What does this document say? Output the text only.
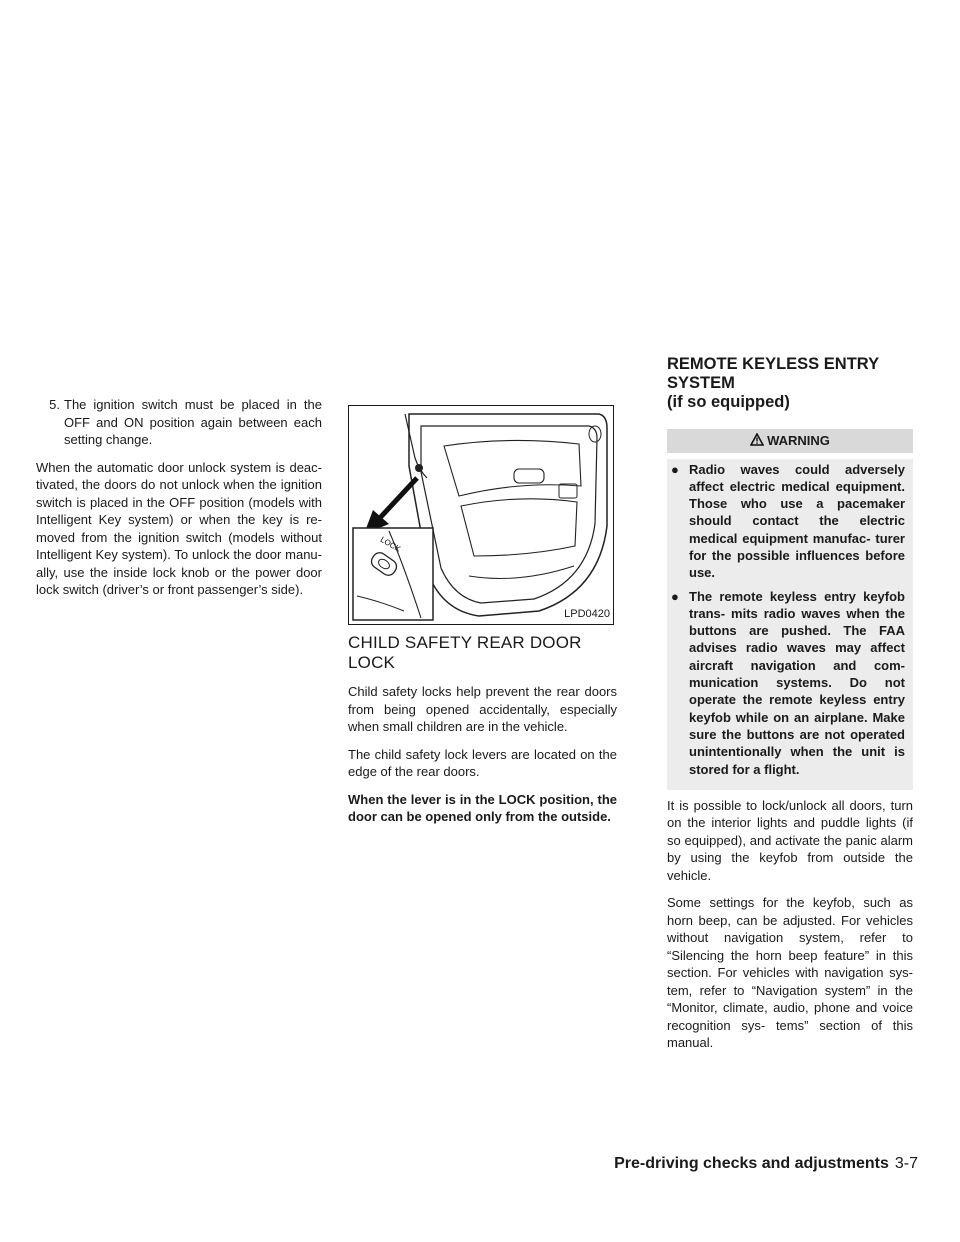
5. The ignition switch must be placed in the OFF and ON position again between each setting change.

When the automatic door unlock system is deac- tivated, the doors do not unlock when the ignition switch is placed in the OFF position (models with Intelligent Key system) or when the key is re- moved from the ignition switch (models without Intelligent Key system). To unlock the door manu- ally, use the inside lock knob or the power door lock switch (driver’s or front passenger’s side).

LOCK
LPD0420
CHILD SAFETY REAR DOOR LOCK

Child safety locks help prevent the rear doors from being opened accidentally, especially when small children are in the vehicle.

The child safety lock levers are located on the edge of the rear doors.

When the lever is in the LOCK position, the door can be opened only from the outside.

REMOTE KEYLESS ENTRY SYSTEM
(if so equipped)
WARNING
● Radio waves could adversely affect electric medical equipment. Those who use a pacemaker should contact the electric medical equipment manufac- turer for the possible influences before use.
● The remote keyless entry keyfob trans- mits radio waves when the buttons are pushed. The FAA advises radio waves may affect aircraft navigation and com- munication systems. Do not operate the remote keyless entry keyfob while on an airplane. Make sure the buttons are not operated unintentionally when the unit is stored for a flight.

It is possible to lock/unlock all doors, turn on the interior lights and puddle lights (if so equipped), and activate the panic alarm by using the keyfob from outside the vehicle.

Some settings for the keyfob, such as horn beep, can be adjusted. For vehicles without navigation system, refer to “Silencing the horn beep feature” in this section. For vehicles with navigation sys- tem, refer to “Navigation system” in the “Monitor, climate, audio, phone and voice recognition sys- tems” section of this manual.

Pre-driving checks and adjustments 3-7
